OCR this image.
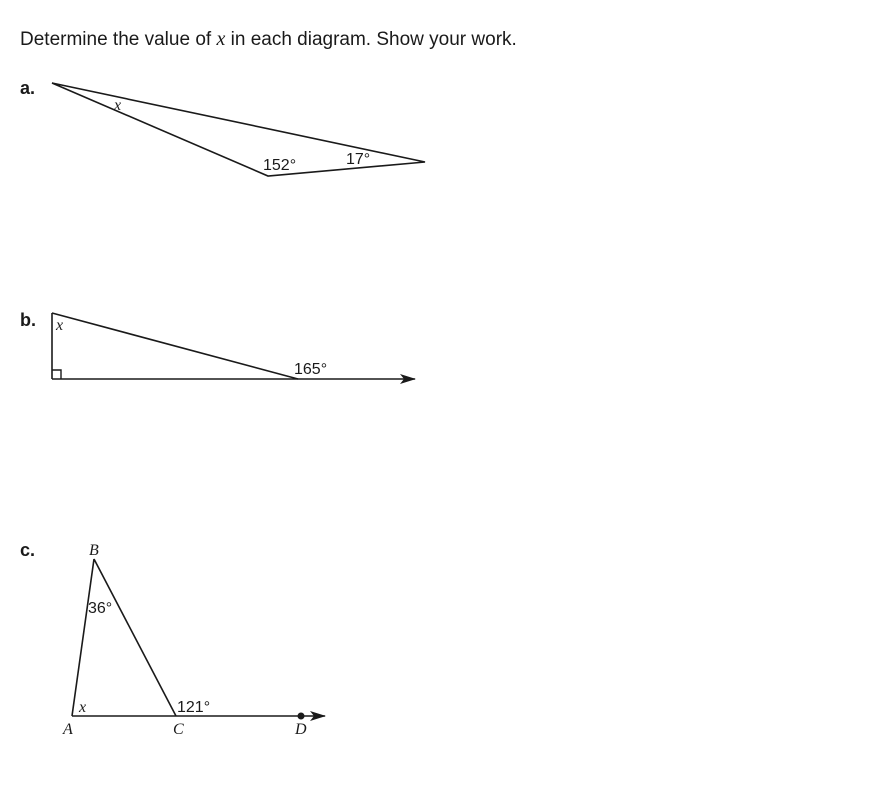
Determine the value of x in each diagram. Show your work.
a.
b.
c.
x
152°	17°
x
165°
B
A	C	D
36°
x	121°
